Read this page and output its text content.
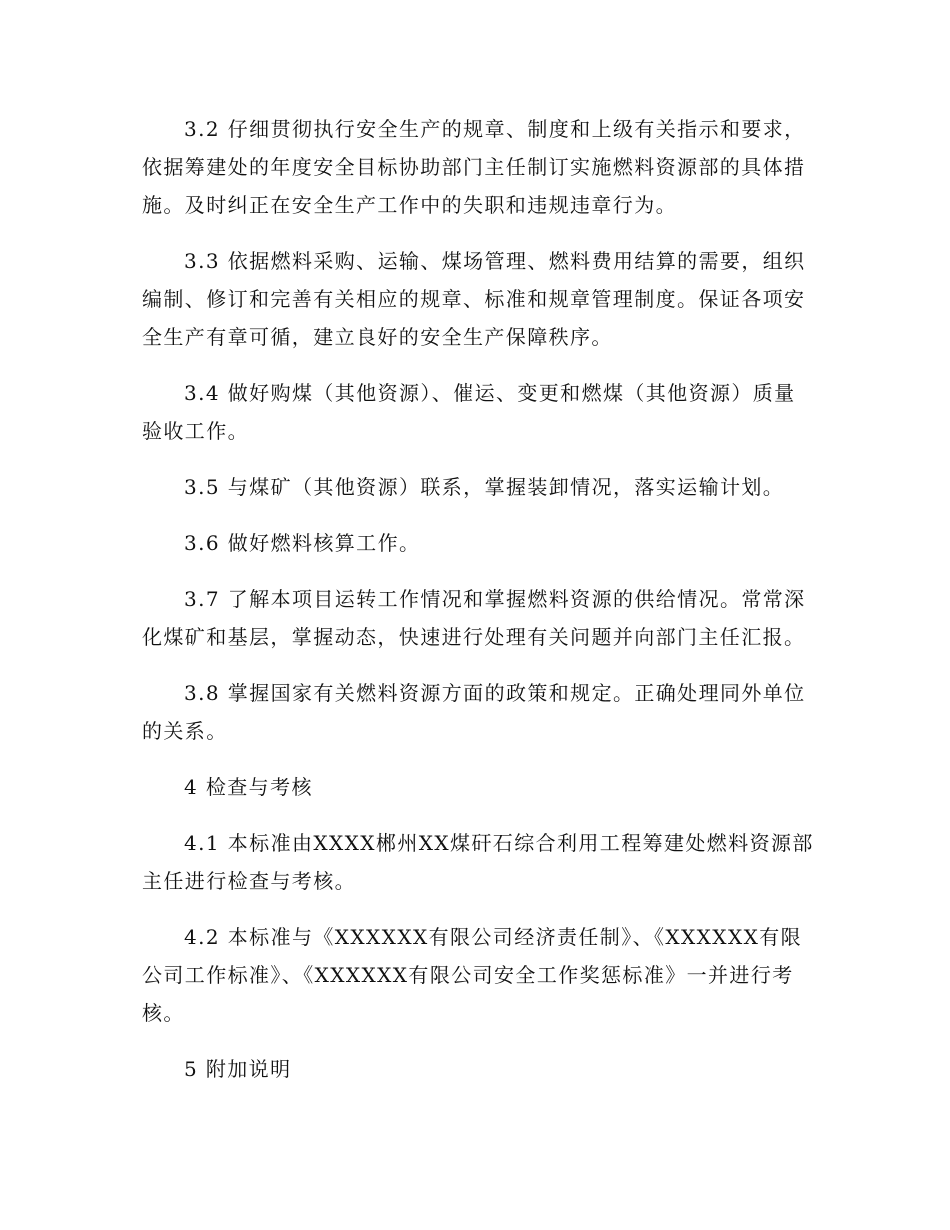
3.2 仔细贯彻执行安全生产的规章、制度和上级有关指示和要求，依据筹建处的年度安全目标协助部门主任制订实施燃料资源部的具体措施。及时纠正在安全生产工作中的失职和违规违章行为。

3.3 依据燃料采购、运输、煤场管理、燃料费用结算的需要，组织编制、修订和完善有关相应的规章、标准和规章管理制度。保证各项安全生产有章可循，建立良好的安全生产保障秩序。

3.4 做好购煤（其他资源）、催运、变更和燃煤（其他资源）质量验收工作。

3.5 与煤矿（其他资源）联系，掌握装卸情况，落实运输计划。

3.6 做好燃料核算工作。

3.7 了解本项目运转工作情况和掌握燃料资源的供给情况。常常深化煤矿和基层，掌握动态，快速进行处理有关问题并向部门主任汇报。

3.8 掌握国家有关燃料资源方面的政策和规定。正确处理同外单位的关系。

4 检查与考核

4.1 本标准由XXXX郴州XX煤矸石综合利用工程筹建处燃料资源部主任进行检查与考核。

4.2 本标准与《XXXXXX有限公司经济责任制》、《XXXXXX有限公司工作标准》、《XXXXXX有限公司安全工作奖惩标准》一并进行考核。

5 附加说明
